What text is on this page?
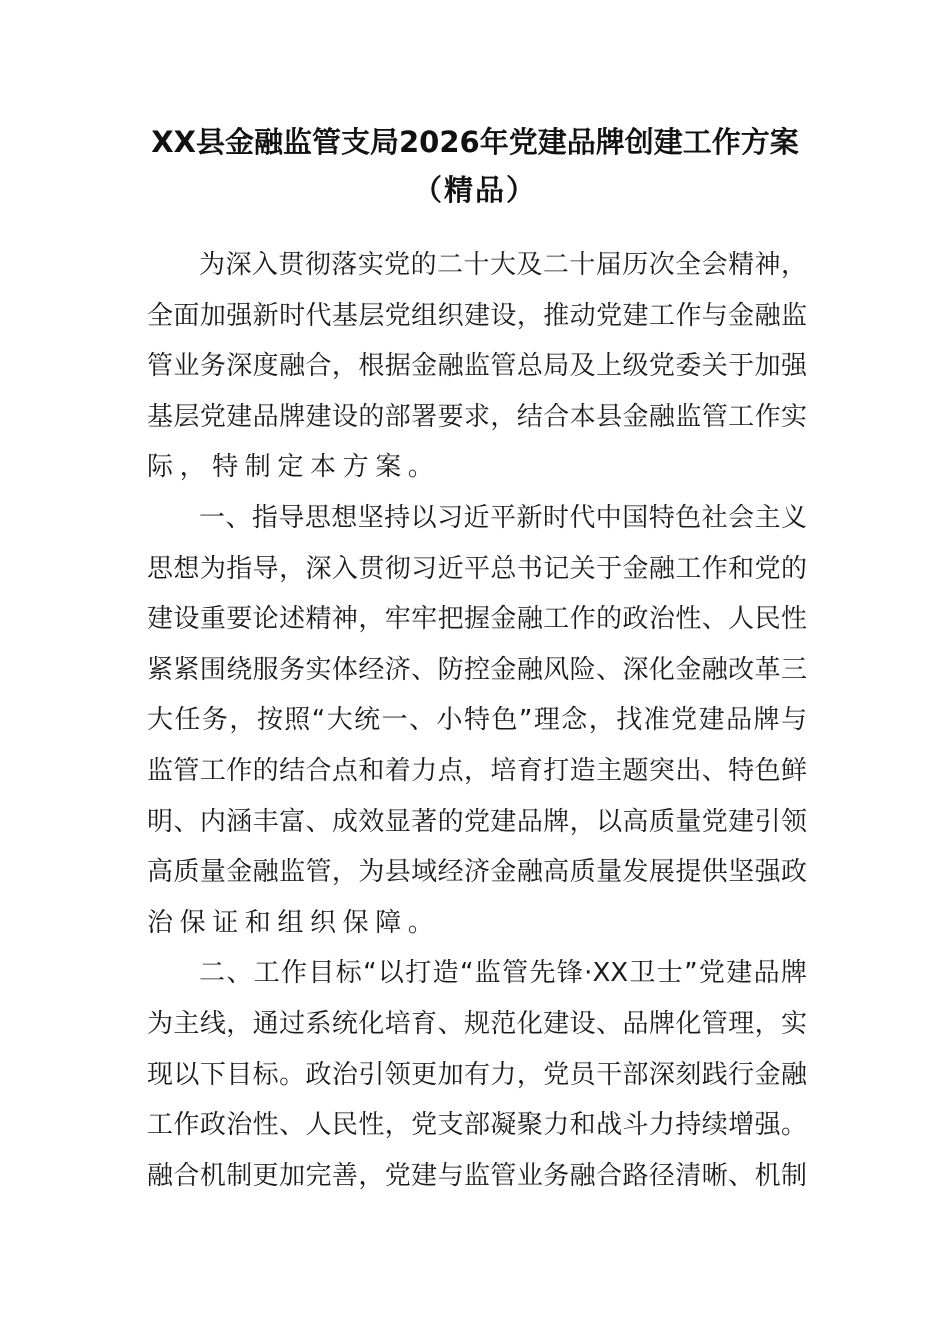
XX县金融监管支局2026年党建品牌创建工作方案
（精品）
为深入贯彻落实党的二十大及二十届历次全会精神，
全面加强新时代基层党组织建设，推动党建工作与金融监
管业务深度融合，根据金融监管总局及上级党委关于加强
基层党建品牌建设的部署要求，结合本县金融监管工作实
际，特制定本方案。
一、指导思想坚持以习近平新时代中国特色社会主义
思想为指导，深入贯彻习近平总书记关于金融工作和党的
建设重要论述精神，牢牢把握金融工作的政治性、人民性
紧紧围绕服务实体经济、防控金融风险、深化金融改革三
大任务，按照“大统一、小特色”理念，找准党建品牌与
监管工作的结合点和着力点，培育打造主题突出、特色鲜
明、内涵丰富、成效显著的党建品牌，以高质量党建引领
高质量金融监管，为县域经济金融高质量发展提供坚强政
治保证和组织保障。
二、工作目标“以打造“监管先锋·XX卫士”党建品牌
为主线，通过系统化培育、规范化建设、品牌化管理，实
现以下目标。政治引领更加有力，党员干部深刻践行金融
工作政治性、人民性，党支部凝聚力和战斗力持续增强。
融合机制更加完善，党建与监管业务融合路径清晰、机制
